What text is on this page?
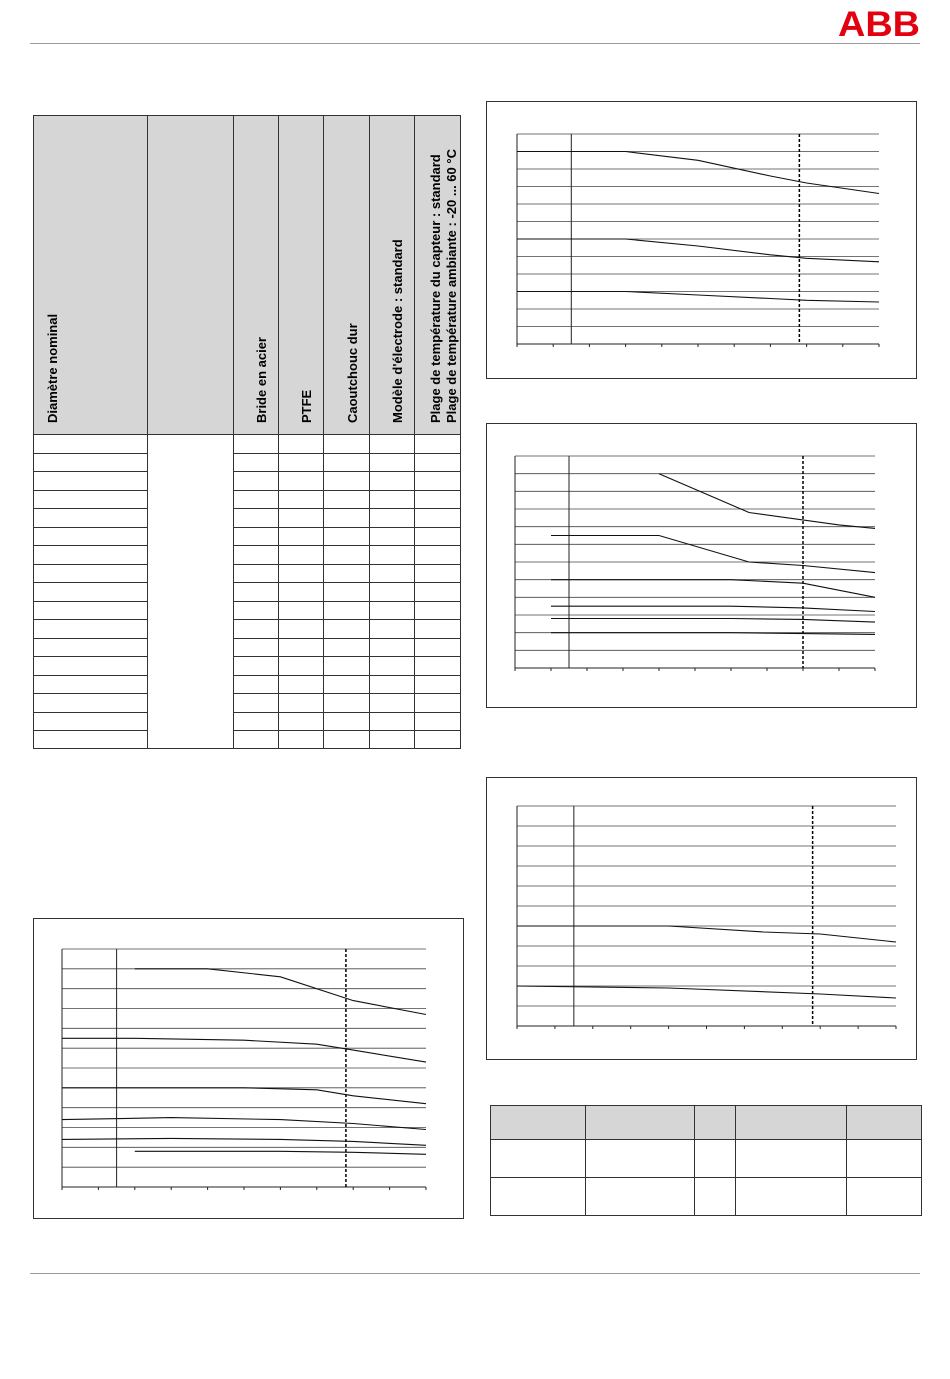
ABB
Diamètre nominal	Bride en acier PTFE Caoutchouc dur Modèle d'électrode : standard Plage de température du capteur : standard Plage de température ambiante : -20 ... 60 °C
